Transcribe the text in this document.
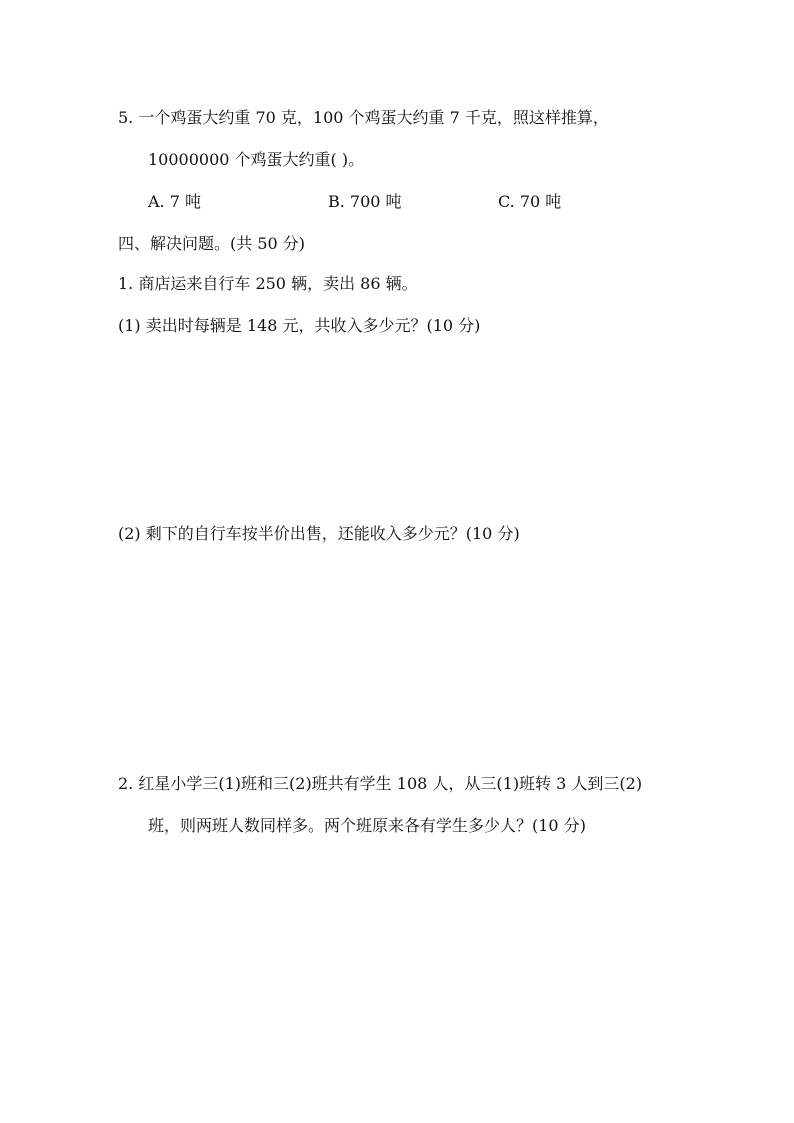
5. 一个鸡蛋大约重 70 克，100 个鸡蛋大约重 7 千克，照这样推算，
10000000 个鸡蛋大约重( )。
A. 7 吨	B. 700 吨	C. 70 吨
四、解决问题。(共 50 分)
1. 商店运来自行车 250 辆，卖出 86 辆。
(1) 卖出时每辆是 148 元，共收入多少元？(10 分)
(2) 剩下的自行车按半价出售，还能收入多少元？(10 分)
2. 红星小学三(1)班和三(2)班共有学生 108 人，从三(1)班转 3 人到三(2)
班，则两班人数同样多。两个班原来各有学生多少人？(10 分)
